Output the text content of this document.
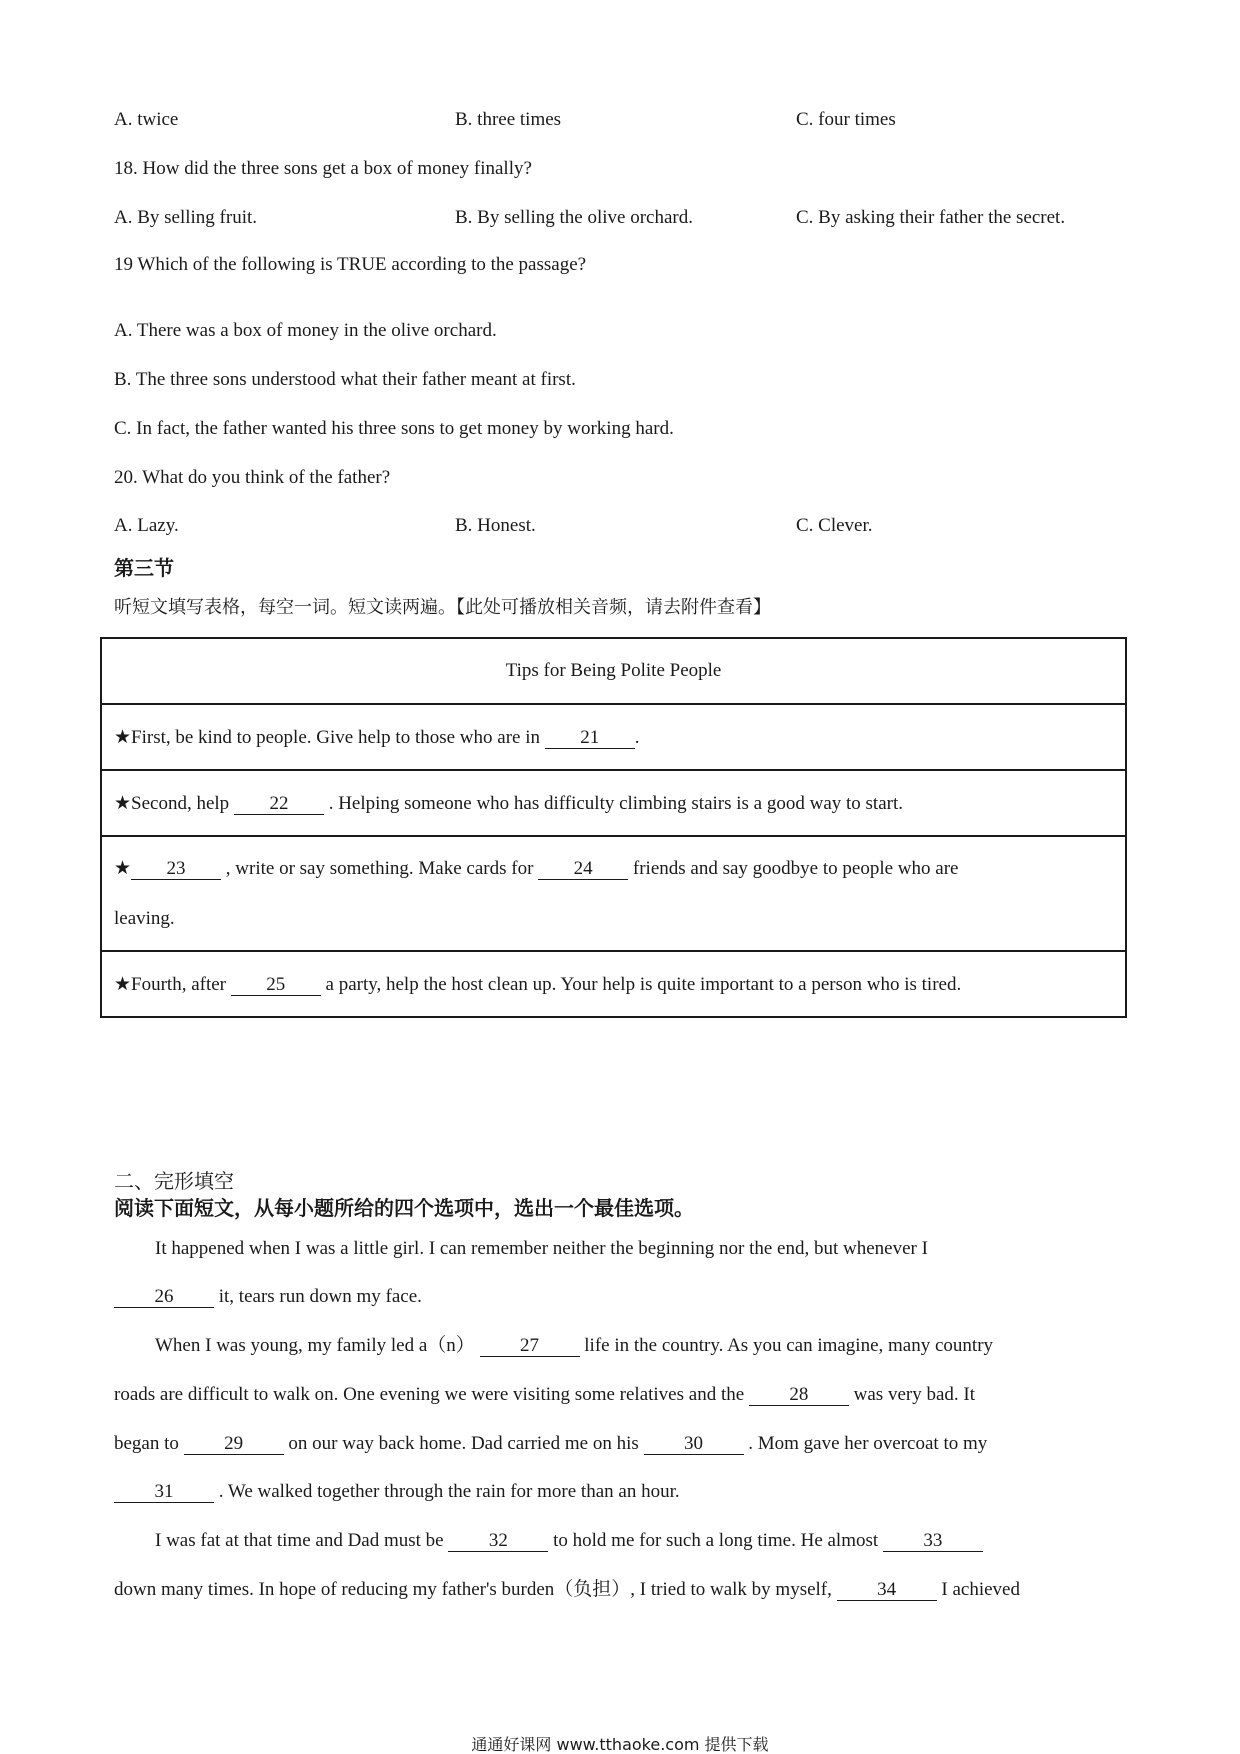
A. twice	B. three times	C. four times
18. How did the three sons get a box of money finally?
A. By selling fruit.	B. By selling the olive orchard.	C. By asking their father the secret.
19 Which of the following is TRUE according to the passage?
A. There was a box of money in the olive orchard.
B. The three sons understood what their father meant at first.
C. In fact, the father wanted his three sons to get money by working hard.
20. What do you think of the father?
A. Lazy.	B. Honest.	C. Clever.
第三节
听短文填写表格，每空一词。短文读两遍。【此处可播放相关音频，请去附件查看】
Tips for Being Polite People
★First, be kind to people. Give help to those who are in 21 .
★Second, help 22 . Helping someone who has difficulty climbing stairs is a good way to start.

★ 23 , write or say something. Make cards for 24 friends and say goodbye to people who are
leaving.

★Fourth, after 25 a party, help the host clean up. Your help is quite important to a person who is tired.
二、完形填空
阅读下面短文，从每小题所给的四个选项中，选出一个最佳选项。
It happened when I was a little girl. I can remember neither the beginning nor the end, but whenever I
26 it, tears run down my face.
When I was young, my family led a（n） 27 life in the country. As you can imagine, many country
roads are difficult to walk on. One evening we were visiting some relatives and the 28 was very bad. It
began to 29 on our way back home. Dad carried me on his 30 . Mom gave her overcoat to my
31 . We walked together through the rain for more than an hour.
I was fat at that time and Dad must be 32 to hold me for such a long time. He almost 33
down many times. In hope of reducing my father's burden（负担）, I tried to walk by myself, 34 I achieved
通通好课网 www.tthaoke.com 提供下载
